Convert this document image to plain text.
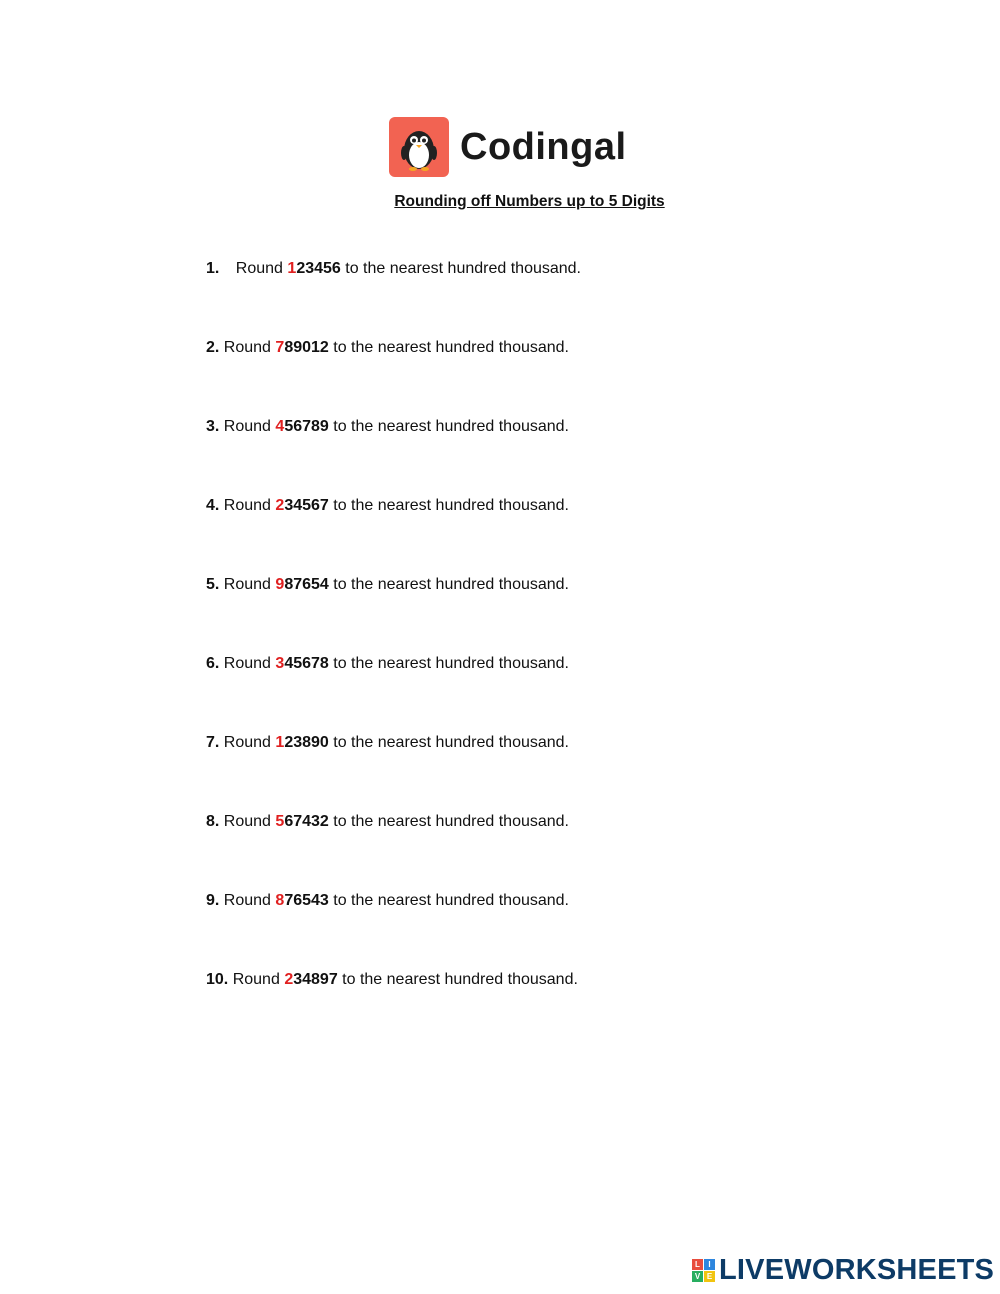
Codingal
Rounding off Numbers up to 5 Digits
1. Round 123456 to the nearest hundred thousand.
2. Round 789012 to the nearest hundred thousand.
3. Round 456789 to the nearest hundred thousand.
4. Round 234567 to the nearest hundred thousand.
5. Round 987654 to the nearest hundred thousand.
6. Round 345678 to the nearest hundred thousand.
7. Round 123890 to the nearest hundred thousand.
8. Round 567432 to the nearest hundred thousand.
9. Round 876543 to the nearest hundred thousand.
10. Round 234897 to the nearest hundred thousand.
L	I
V E LIVEWORKSHEETS
